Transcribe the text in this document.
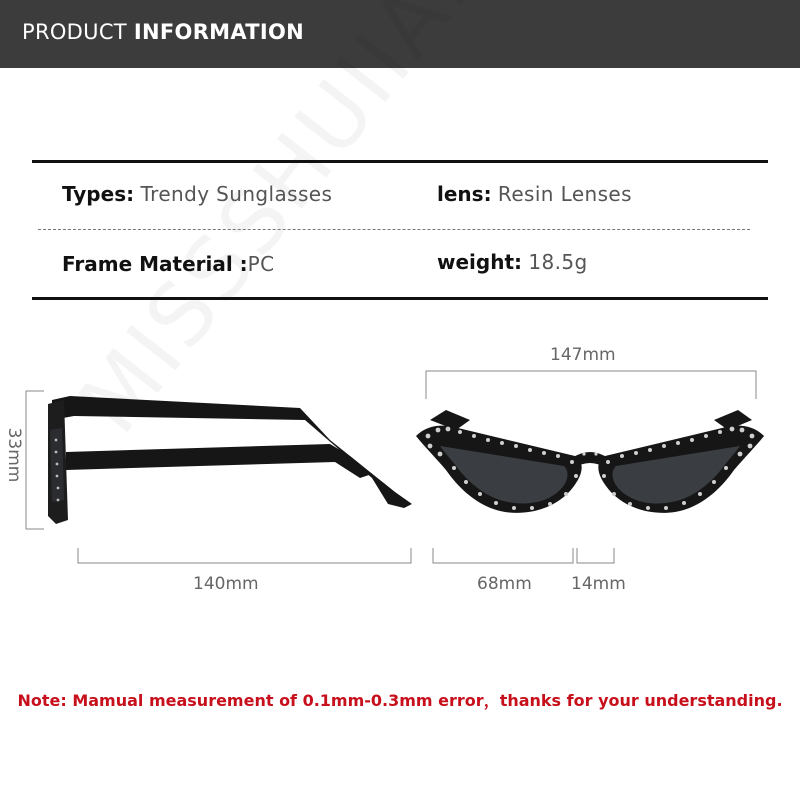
PRODUCT INFORMATION
Types: Trendy Sunglasses	lens: Resin Lenses
Frame Material :PC	weight: 18.5g
147mm
33mm
140mm	68mm 14mm
Note: Mamual measurement of 0.1mm-0.3mm error，thanks for your understanding.
